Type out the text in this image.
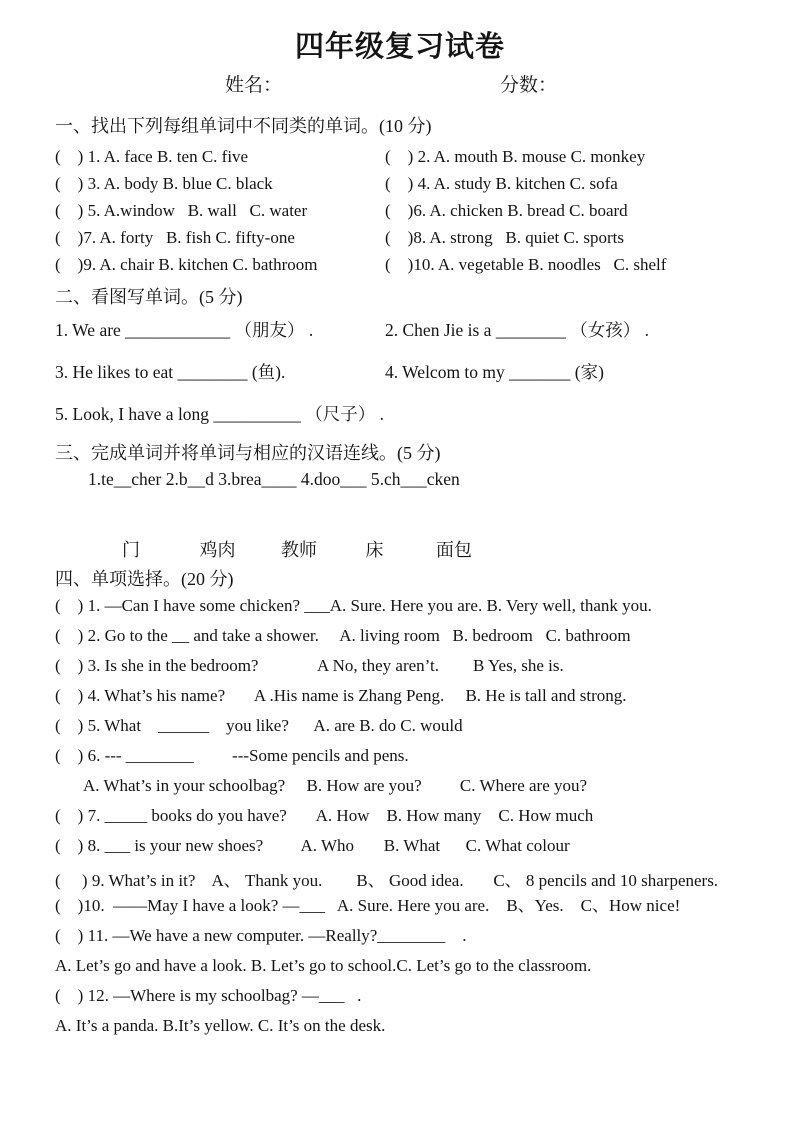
四年级复习试卷
姓名：	分数：
一、找出下列每组单词中不同类的单词。(10 分)
(    ) 1. A. face B. ten C. five	(    ) 2. A. mouth B. mouse C. monkey
(    ) 3. A. body B. blue C. black	(    ) 4. A. study B. kitchen C. sofa
(    ) 5. A.window   B. wall   C. water	(    )6. A. chicken B. bread C. board
(    )7. A. forty   B. fish C. fifty-one	(    )8. A. strong   B. quiet C. sports
(    )9. A. chair B. kitchen C. bathroom	(    )10. A. vegetable B. noodles   C. shelf
二、看图写单词。(5 分)
1. We are ____________ （朋友） .	2. Chen Jie is a ________ （女孩） .
3. He likes to eat ________ (鱼).	4. Welcom to my _______ (家)
5. Look, I have a long __________ （尺子） .
三、完成单词并将单词与相应的汉语连线。(5 分)
1.te__cher 2.b__d 3.brea____ 4.doo___ 5.ch___cken
门	鸡肉	教师	床	面包
四、单项选择。(20 分)
(    ) 1. —Can I have some chicken? ___A. Sure. Here you are. B. Very well, thank you.
(    ) 2. Go to the __ and take a shower.     A. living room   B. bedroom   C. bathroom
(    ) 3. Is she in the bedroom?              A No, they aren’t.        B Yes, she is.
(    ) 4. What’s his name?       A .His name is Zhang Peng.     B. He is tall and strong.
(    ) 5. What    ______    you like?      A. are B. do C. would
(    ) 6. --- ________         ---Some pencils and pens.
A. What’s in your schoolbag?     B. How are you?         C. Where are you?
(    ) 7. _____ books do you have?       A. How    B. How many    C. How much
(    ) 8. ___ is your new shoes?         A. Who       B. What      C. What colour
(     ) 9. What’s in it?    A、 Thank you.        B、 Good idea.       C、 8 pencils and 10 sharpeners.
(    )10.  ——May I have a look? —___   A. Sure. Here you are.    B、Yes.    C、How nice!
(    ) 11. —We have a new computer. —Really?________    .
A. Let’s go and have a look. B. Let’s go to school.C. Let’s go to the classroom.
(    ) 12. —Where is my schoolbag? —___   .
A. It’s a panda. B.It’s yellow. C. It’s on the desk.
